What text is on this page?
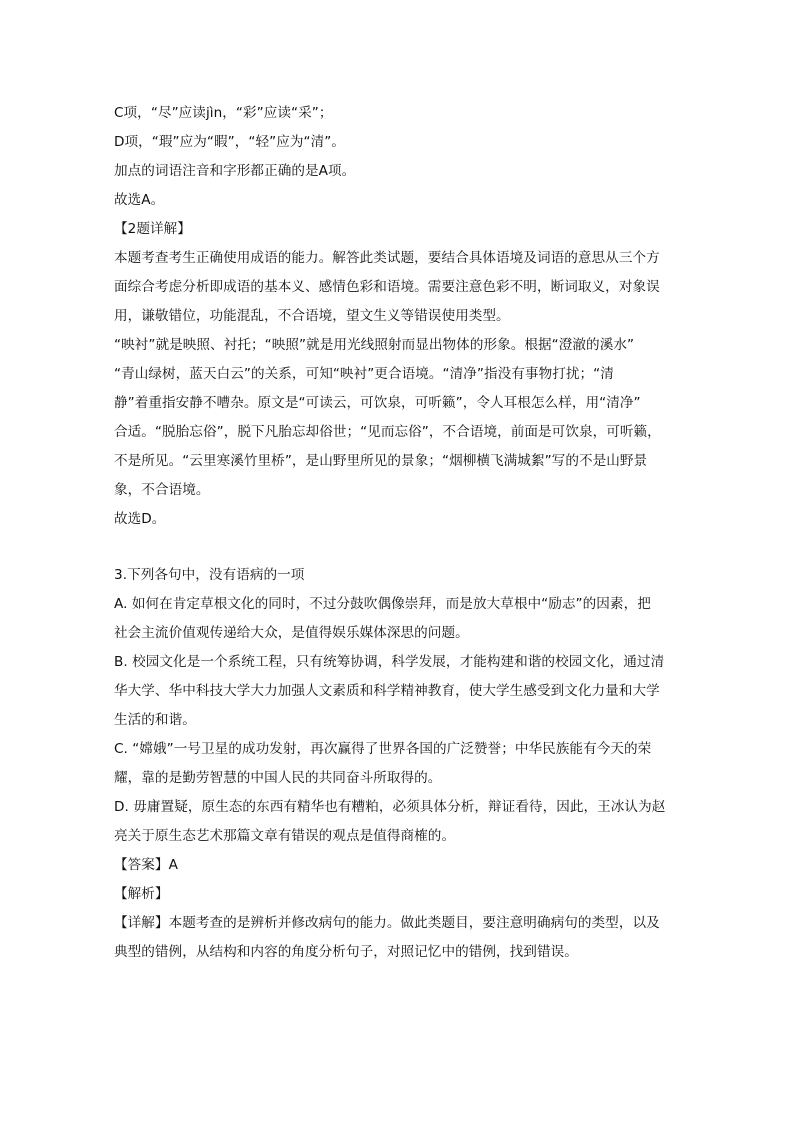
C项，“尽”应读jìn，“彩”应读“采”；
D项，“瑕”应为“暇”，“轻”应为“清”。
加点的词语注音和字形都正确的是A项。
故选A。
【2题详解】
本题考查考生正确使用成语的能力。解答此类试题，要结合具体语境及词语的意思从三个方
面综合考虑分析即成语的基本义、感情色彩和语境。需要注意色彩不明，断词取义，对象误
用，谦敬错位，功能混乱，不合语境，望文生义等错误使用类型。
“映衬”就是映照、衬托；“映照”就是用光线照射而显出物体的形象。根据“澄澈的溪水”
“青山绿树，蓝天白云”的关系，可知“映衬”更合语境。“清净”指没有事物打扰；“清
静”着重指安静不嘈杂。原文是“可读云，可饮泉，可听籁”，令人耳根怎么样，用“清净”
合适。“脱胎忘俗”，脱下凡胎忘却俗世；“见而忘俗”，不合语境，前面是可饮泉，可听籁，
不是所见。“云里寒溪竹里桥”，是山野里所见的景象；“烟柳横飞满城絮”写的不是山野景
象，不合语境。
故选D。
3.下列各句中，没有语病的一项
A. 如何在肯定草根文化的同时，不过分鼓吹偶像崇拜，而是放大草根中“励志”的因素，把
社会主流价值观传递给大众，是值得娱乐媒体深思的问题。
B. 校园文化是一个系统工程，只有统筹协调，科学发展，才能构建和谐的校园文化，通过清
华大学、华中科技大学大力加强人文素质和科学精神教育，使大学生感受到文化力量和大学
生活的和谐。
C. “嫦娥”一号卫星的成功发射，再次赢得了世界各国的广泛赞誉；中华民族能有今天的荣
耀，靠的是勤劳智慧的中国人民的共同奋斗所取得的。
D. 毋庸置疑，原生态的东西有精华也有糟粕，必须具体分析，辩证看待，因此，王冰认为赵
亮关于原生态艺术那篇文章有错误的观点是值得商榷的。
【答案】A
【解析】
【详解】本题考查的是辨析并修改病句的能力。做此类题目，要注意明确病句的类型，以及
典型的错例，从结构和内容的角度分析句子，对照记忆中的错例，找到错误。
